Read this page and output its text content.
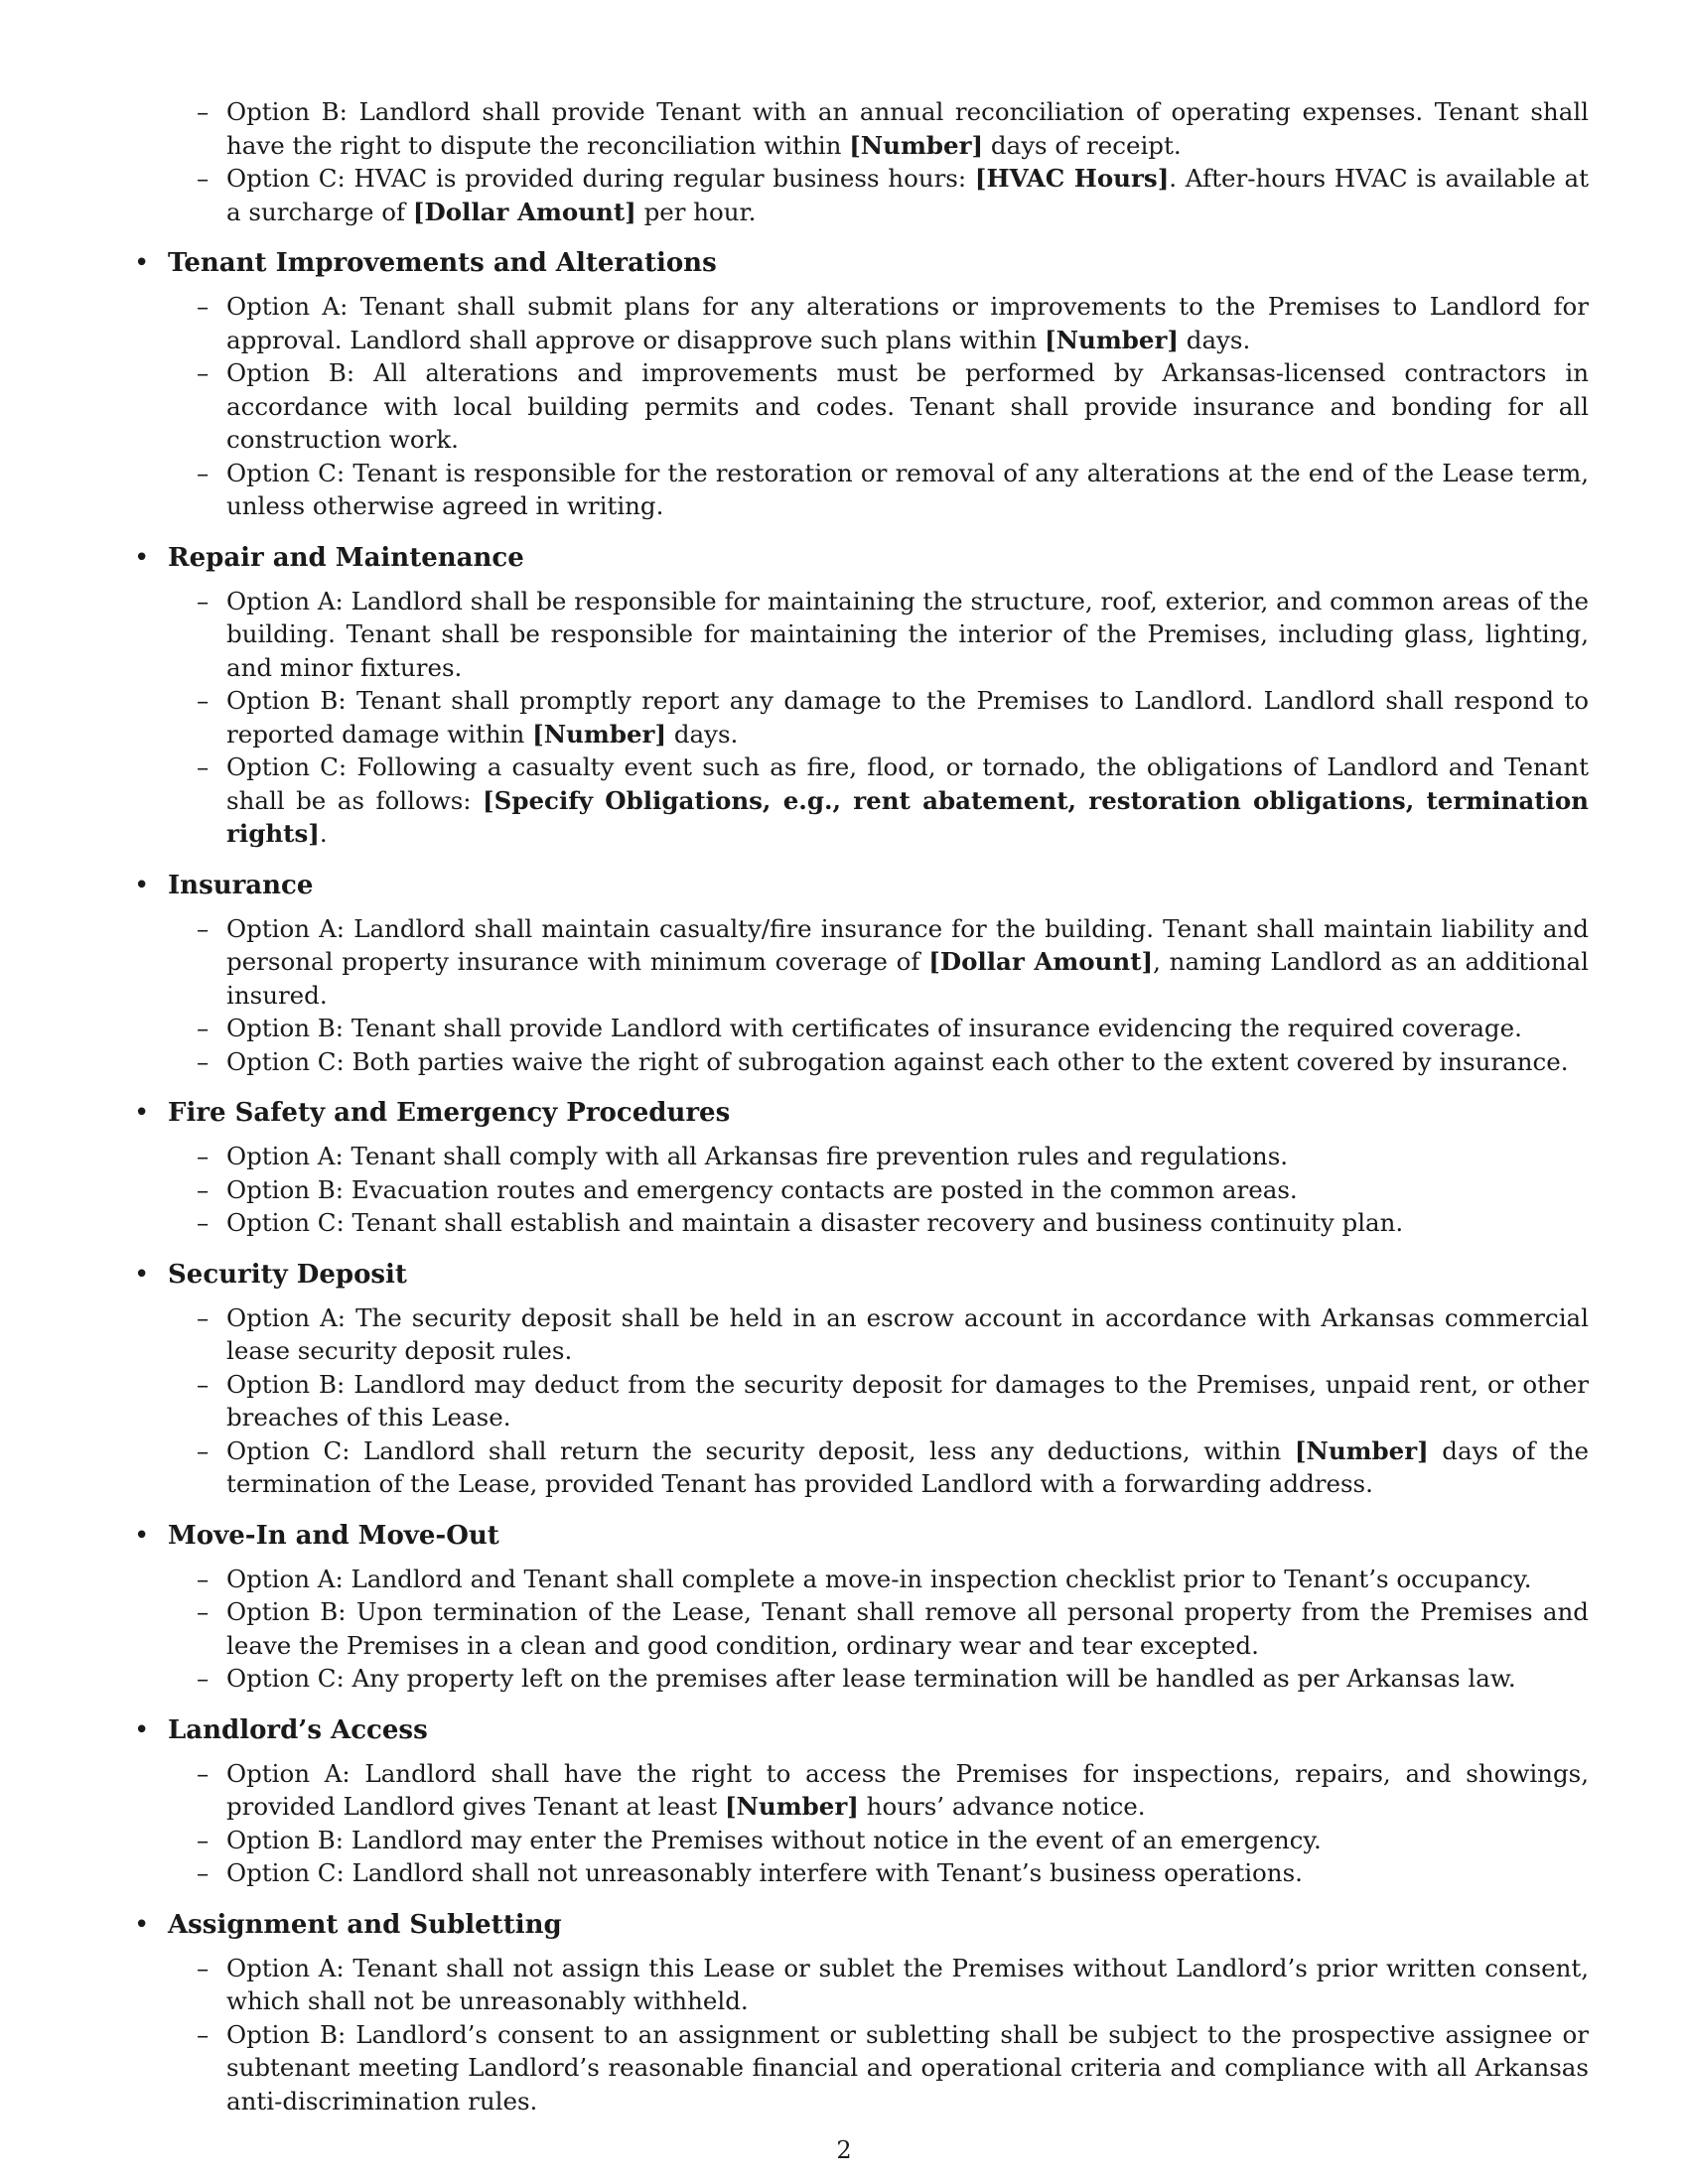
– Option B: Landlord shall provide Tenant with an annual reconciliation of operating expenses. Tenant shall have the right to dispute the reconciliation within [Number] days of receipt.
– Option C: HVAC is provided during regular business hours: [HVAC Hours]. After-hours HVAC is available at a surcharge of [Dollar Amount] per hour.
• Tenant Improvements and Alterations
– Option A: Tenant shall submit plans for any alterations or improvements to the Premises to Landlord for approval. Landlord shall approve or disapprove such plans within [Number] days.
– Option B: All alterations and improvements must be performed by Arkansas-licensed contractors in accordance with local building permits and codes. Tenant shall provide insurance and bonding for all construction work.
– Option C: Tenant is responsible for the restoration or removal of any alterations at the end of the Lease term, unless otherwise agreed in writing.
• Repair and Maintenance
– Option A: Landlord shall be responsible for maintaining the structure, roof, exterior, and common areas of the building. Tenant shall be responsible for maintaining the interior of the Premises, including glass, lighting, and minor fixtures.
– Option B: Tenant shall promptly report any damage to the Premises to Landlord. Landlord shall respond to reported damage within [Number] days.
– Option C: Following a casualty event such as fire, flood, or tornado, the obligations of Landlord and Tenant shall be as follows: [Specify Obligations, e.g., rent abatement, restoration obligations, termination rights].
• Insurance
– Option A: Landlord shall maintain casualty/fire insurance for the building. Tenant shall maintain liability and personal property insurance with minimum coverage of [Dollar Amount], naming Landlord as an additional insured.
– Option B: Tenant shall provide Landlord with certificates of insurance evidencing the required coverage.
– Option C: Both parties waive the right of subrogation against each other to the extent covered by insurance.
• Fire Safety and Emergency Procedures
– Option A: Tenant shall comply with all Arkansas fire prevention rules and regulations.
– Option B: Evacuation routes and emergency contacts are posted in the common areas.
– Option C: Tenant shall establish and maintain a disaster recovery and business continuity plan.
• Security Deposit
– Option A: The security deposit shall be held in an escrow account in accordance with Arkansas commercial lease security deposit rules.
– Option B: Landlord may deduct from the security deposit for damages to the Premises, unpaid rent, or other breaches of this Lease.
– Option C: Landlord shall return the security deposit, less any deductions, within [Number] days of the termination of the Lease, provided Tenant has provided Landlord with a forwarding address.
• Move-In and Move-Out
– Option A: Landlord and Tenant shall complete a move-in inspection checklist prior to Tenant’s occupancy.
– Option B: Upon termination of the Lease, Tenant shall remove all personal property from the Premises and leave the Premises in a clean and good condition, ordinary wear and tear excepted.
– Option C: Any property left on the premises after lease termination will be handled as per Arkansas law.
• Landlord’s Access
– Option A: Landlord shall have the right to access the Premises for inspections, repairs, and showings, provided Landlord gives Tenant at least [Number] hours’ advance notice.
– Option B: Landlord may enter the Premises without notice in the event of an emergency.
– Option C: Landlord shall not unreasonably interfere with Tenant’s business operations.
• Assignment and Subletting
– Option A: Tenant shall not assign this Lease or sublet the Premises without Landlord’s prior written consent, which shall not be unreasonably withheld.
– Option B: Landlord’s consent to an assignment or subletting shall be subject to the prospective assignee or subtenant meeting Landlord’s reasonable financial and operational criteria and compliance with all Arkansas anti-discrimination rules.
2
